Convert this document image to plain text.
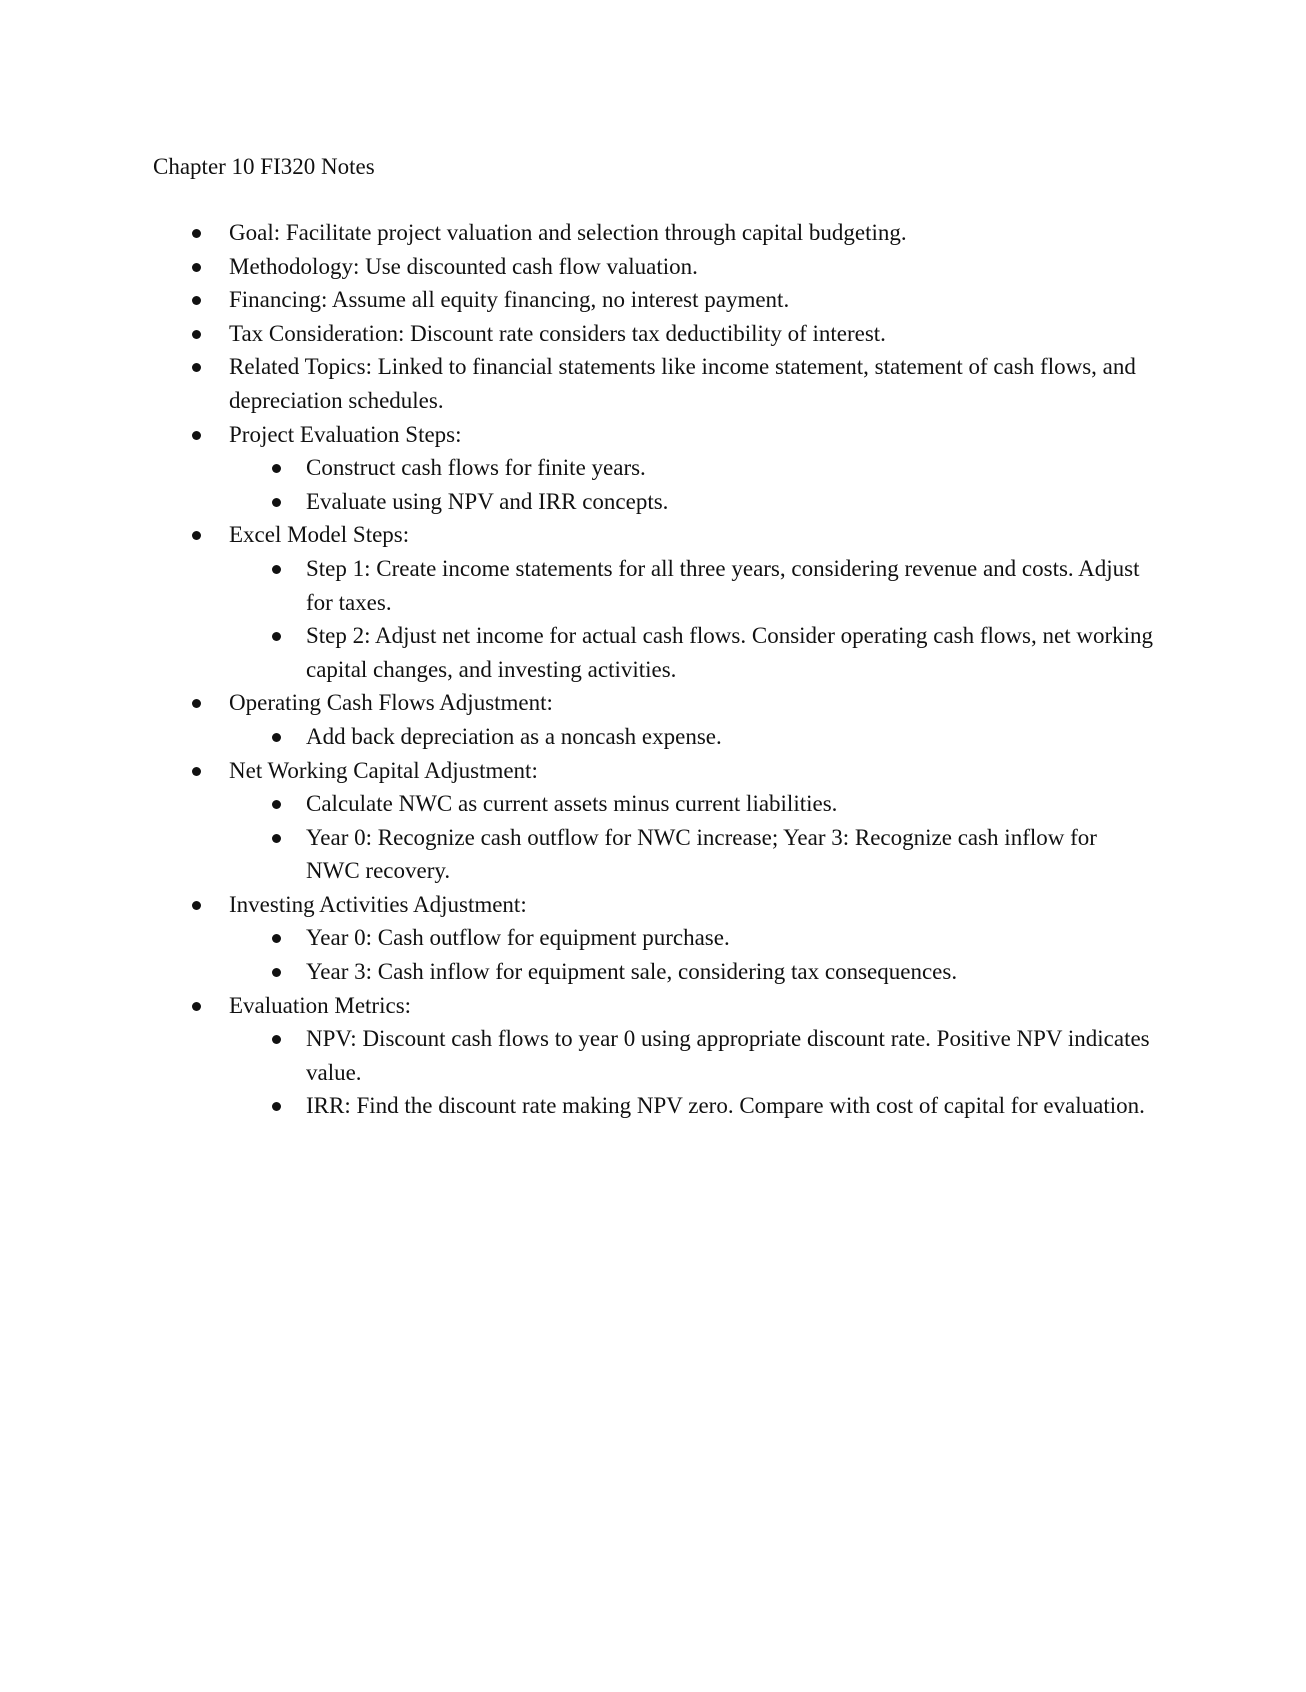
Chapter 10 FI320 Notes
Goal: Facilitate project valuation and selection through capital budgeting.
Methodology: Use discounted cash flow valuation.
Financing: Assume all equity financing, no interest payment.
Tax Consideration: Discount rate considers tax deductibility of interest.
Related Topics: Linked to financial statements like income statement, statement of cash flows, and depreciation schedules.
Project Evaluation Steps:
Construct cash flows for finite years.
Evaluate using NPV and IRR concepts.
Excel Model Steps:
Step 1: Create income statements for all three years, considering revenue and costs. Adjust for taxes.
Step 2: Adjust net income for actual cash flows. Consider operating cash flows, net working capital changes, and investing activities.
Operating Cash Flows Adjustment:
Add back depreciation as a noncash expense.
Net Working Capital Adjustment:
Calculate NWC as current assets minus current liabilities.
Year 0: Recognize cash outflow for NWC increase; Year 3: Recognize cash inflow for NWC recovery.
Investing Activities Adjustment:
Year 0: Cash outflow for equipment purchase.
Year 3: Cash inflow for equipment sale, considering tax consequences.
Evaluation Metrics:
NPV: Discount cash flows to year 0 using appropriate discount rate. Positive NPV indicates value.
IRR: Find the discount rate making NPV zero. Compare with cost of capital for evaluation.
